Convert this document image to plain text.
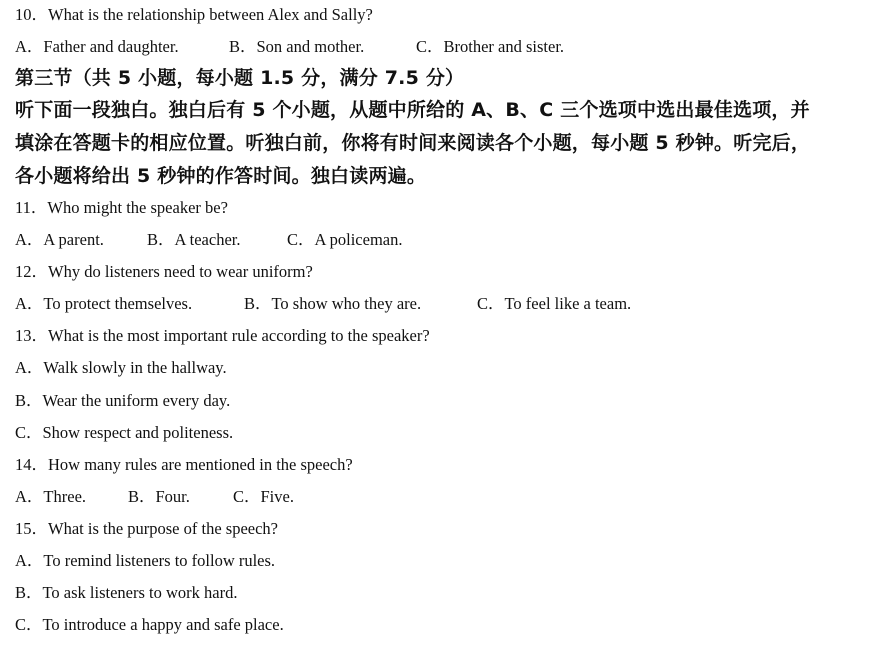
10．What is the relationship between Alex and Sally?
A．Father and daughter.	B．Son and mother.	C．Brother and sister.
第三节（共 5 小题，每小题 1.5 分，满分 7.5 分）
听下面一段独白。独白后有 5 个小题，从题中所给的 A、B、C 三个选项中选出最佳选项，并
填涂在答题卡的相应位置。听独白前，你将有时间来阅读各个小题，每小题 5 秒钟。听完后，
各小题将给出 5 秒钟的作答时间。独白读两遍。
11．Who might the speaker be?
A．A parent.	B．A teacher.	C．A policeman.
12．Why do listeners need to wear uniform?
A．To protect themselves.	B．To show who they are.	C．To feel like a team.
13．What is the most important rule according to the speaker?
A．Walk slowly in the hallway.
B．Wear the uniform every day.
C．Show respect and politeness.
14．How many rules are mentioned in the speech?
A．Three.	B．Four.	C．Five.
15．What is the purpose of the speech?
A．To remind listeners to follow rules.
B．To ask listeners to work hard.
C．To introduce a happy and safe place.
